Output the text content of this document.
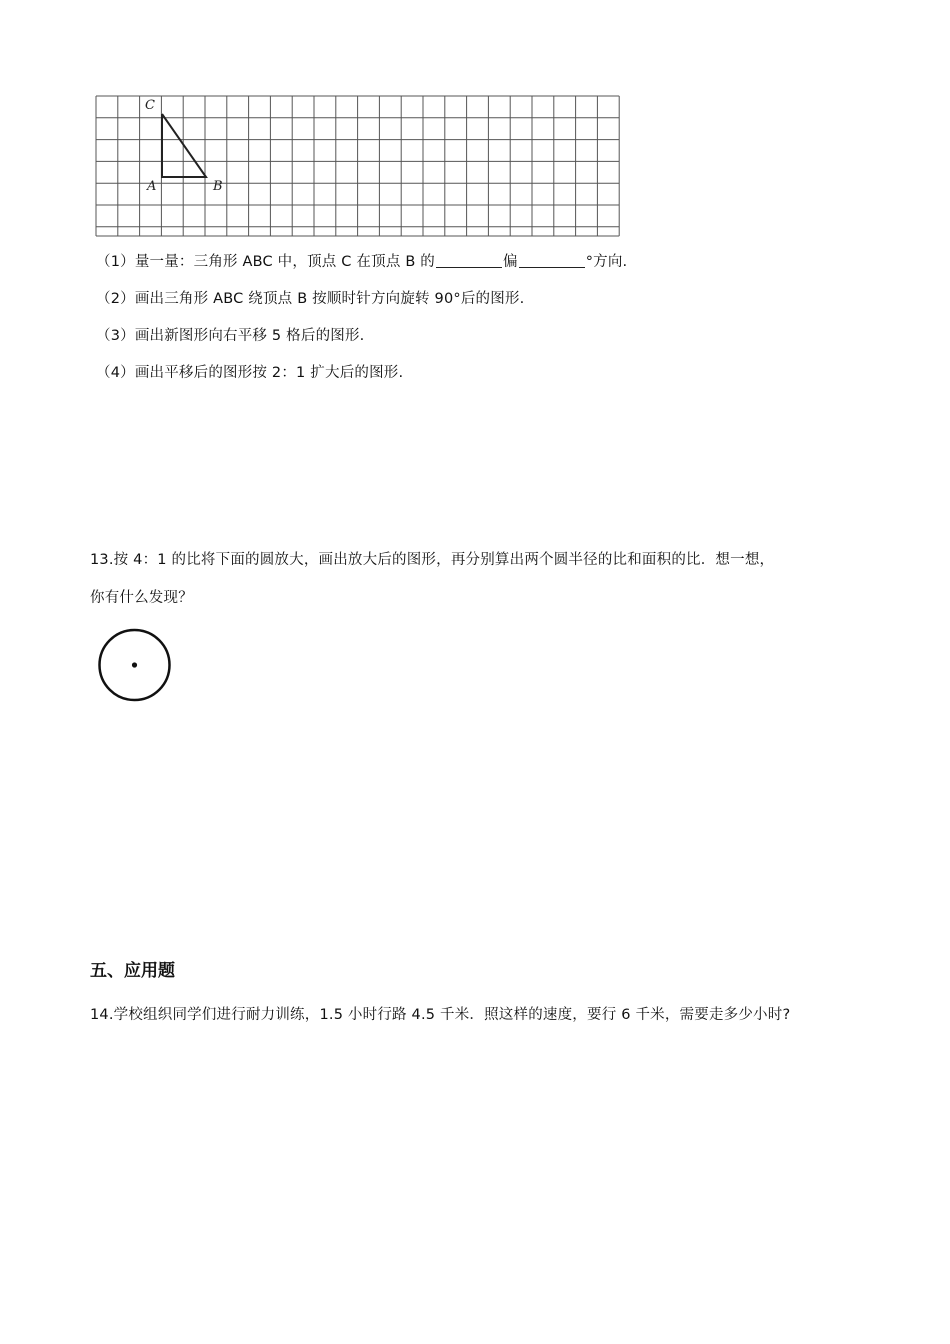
C
A	B
（1）量一量：三角形 ABC 中，顶点 C 在顶点 B 的	偏	°方向.
（2）画出三角形 ABC 绕顶点 B 按顺时针方向旋转 90°后的图形.
（3）画出新图形向右平移 5 格后的图形.
（4）画出平移后的图形按 2：1 扩大后的图形.
13.按 4：1 的比将下面的圆放大，画出放大后的图形，再分别算出两个圆半径的比和面积的比．想一想，
你有什么发现？
五、应用题
14.学校组织同学们进行耐力训练，1.5 小时行路 4.5 千米．照这样的速度，要行 6 千米，需要走多少小时?
